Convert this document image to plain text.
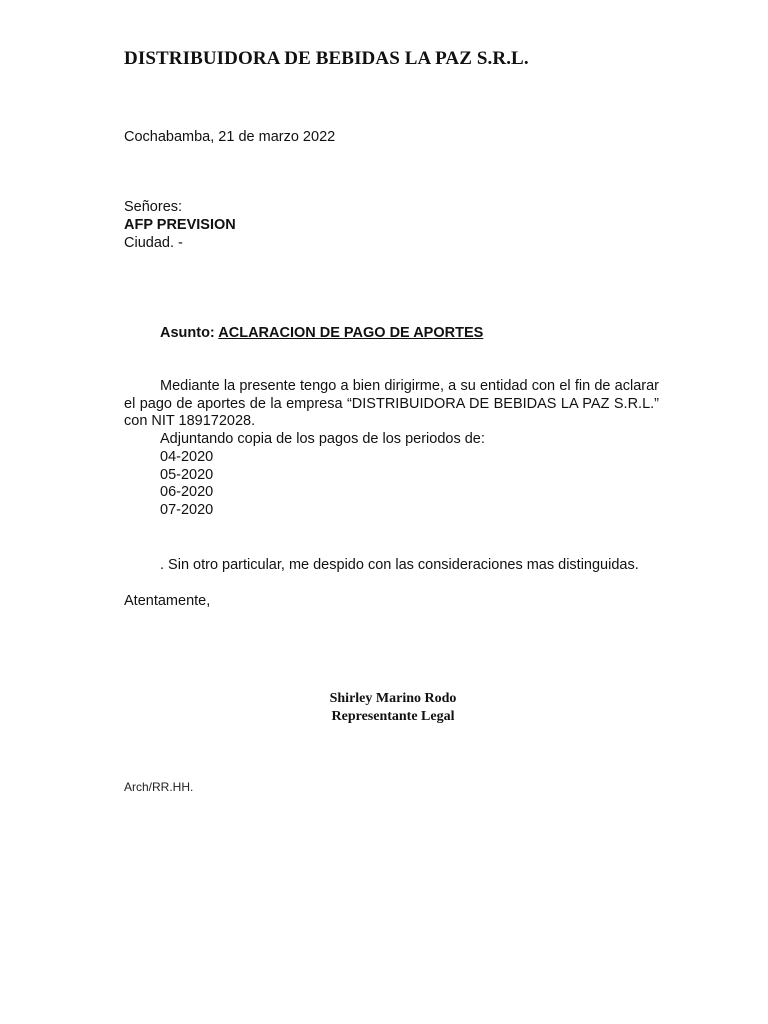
DISTRIBUIDORA DE BEBIDAS LA PAZ S.R.L.
Cochabamba, 21 de marzo 2022
Señores:
AFP PREVISION
Ciudad. -
Asunto: ACLARACION DE PAGO DE APORTES
Mediante la presente tengo a bien dirigirme, a su entidad con el fin de aclarar el pago de aportes de la empresa “DISTRIBUIDORA DE BEBIDAS LA PAZ S.R.L.” con NIT 189172028.
Adjuntando copia de los pagos de los periodos de:
04-2020
05-2020
06-2020
07-2020
. Sin otro particular, me despido con las consideraciones mas distinguidas.
Atentamente,
Shirley Marino Rodo
Representante Legal
Arch/RR.HH.
